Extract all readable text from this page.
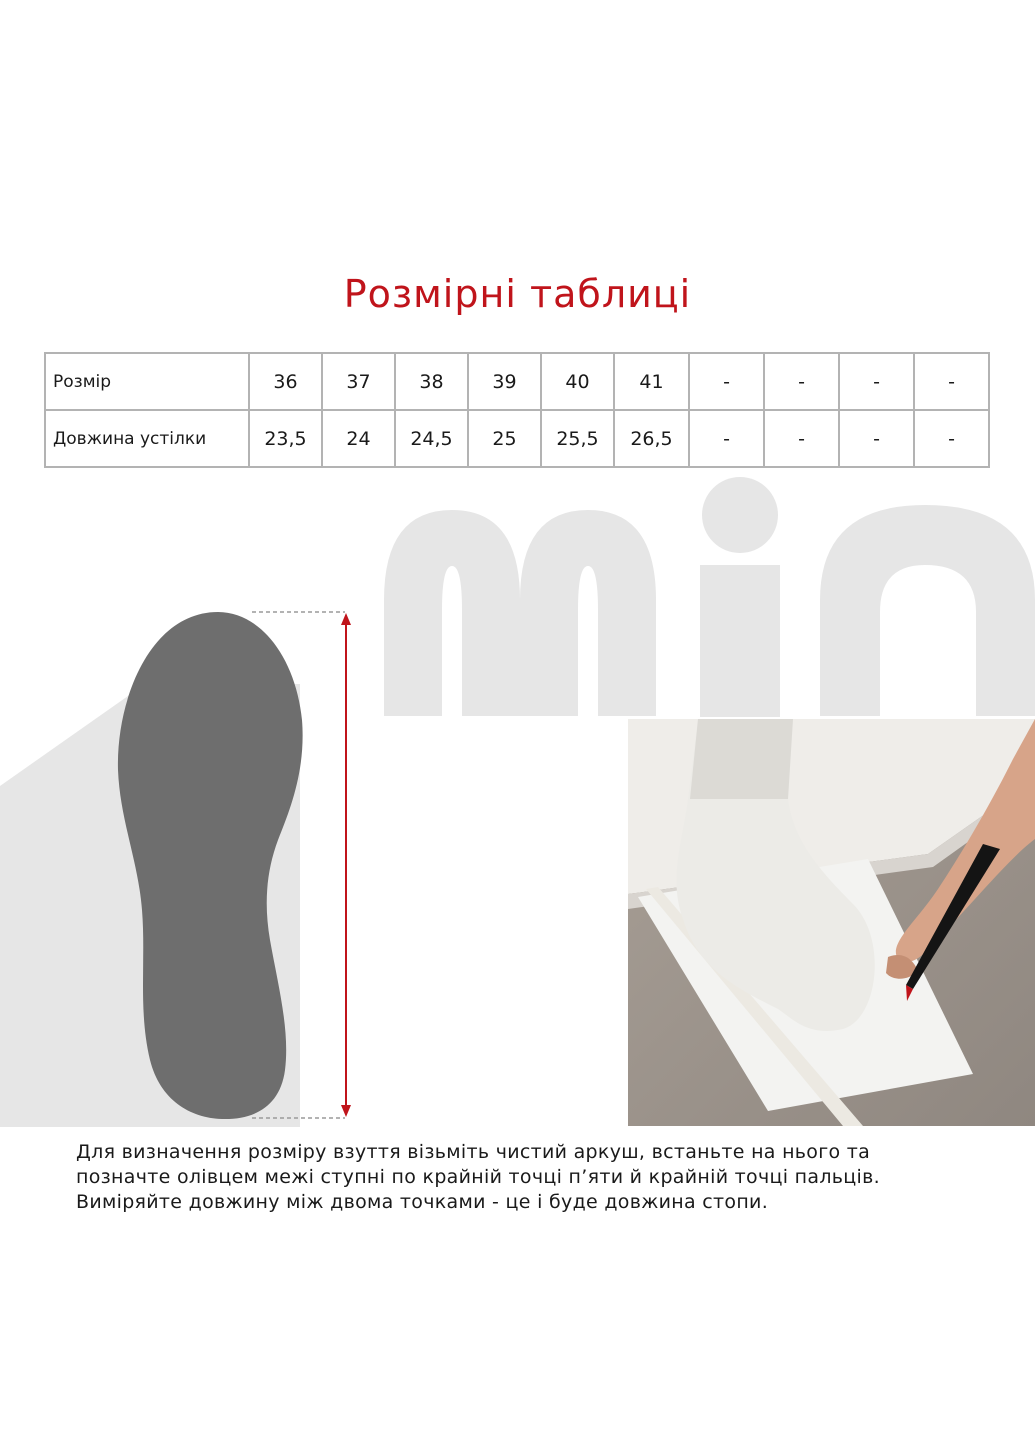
Розмірні таблиці
Розмір	36	37	38	39	40	41	-	-	-	-
Довжина устілки	23,5	24	24,5	25	25,5	26,5	-	-	-	-

Для визначення розміру взуття візьміть чистий аркуш, встаньте на нього та
позначте олівцем межі ступні по крайній точці п’яти й крайній точці пальців.
Виміряйте довжину між двома точками - це і буде довжина стопи.
